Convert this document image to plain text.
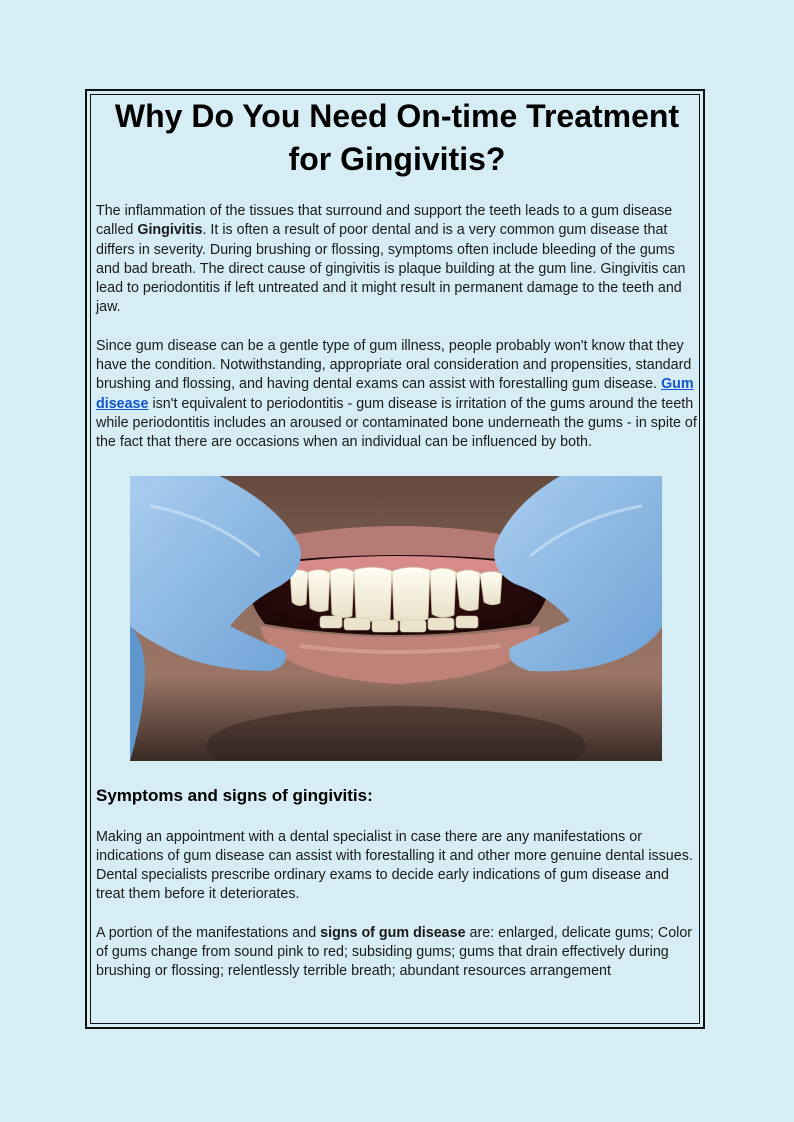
Why Do You Need On-time Treatment for Gingivitis?

The inflammation of the tissues that surround and support the teeth leads to a gum disease called Gingivitis. It is often a result of poor dental and is a very common gum disease that differs in severity. During brushing or flossing, symptoms often include bleeding of the gums and bad breath. The direct cause of gingivitis is plaque building at the gum line. Gingivitis can lead to periodontitis if left untreated and it might result in permanent damage to the teeth and jaw.

Since gum disease can be a gentle type of gum illness, people probably won't know that they have the condition. Notwithstanding, appropriate oral consideration and propensities, standard brushing and flossing, and having dental exams can assist with forestalling gum disease. Gum disease isn't equivalent to periodontitis - gum disease is irritation of the gums around the teeth while periodontitis includes an aroused or contaminated bone underneath the gums - in spite of the fact that there are occasions when an individual can be influenced by both.

Symptoms and signs of gingivitis:

Making an appointment with a dental specialist in case there are any manifestations or indications of gum disease can assist with forestalling it and other more genuine dental issues. Dental specialists prescribe ordinary exams to decide early indications of gum disease and treat them before it deteriorates.

A portion of the manifestations and signs of gum disease are: enlarged, delicate gums; Color of gums change from sound pink to red; subsiding gums; gums that drain effectively during brushing or flossing; relentlessly terrible breath; abundant resources arrangement
